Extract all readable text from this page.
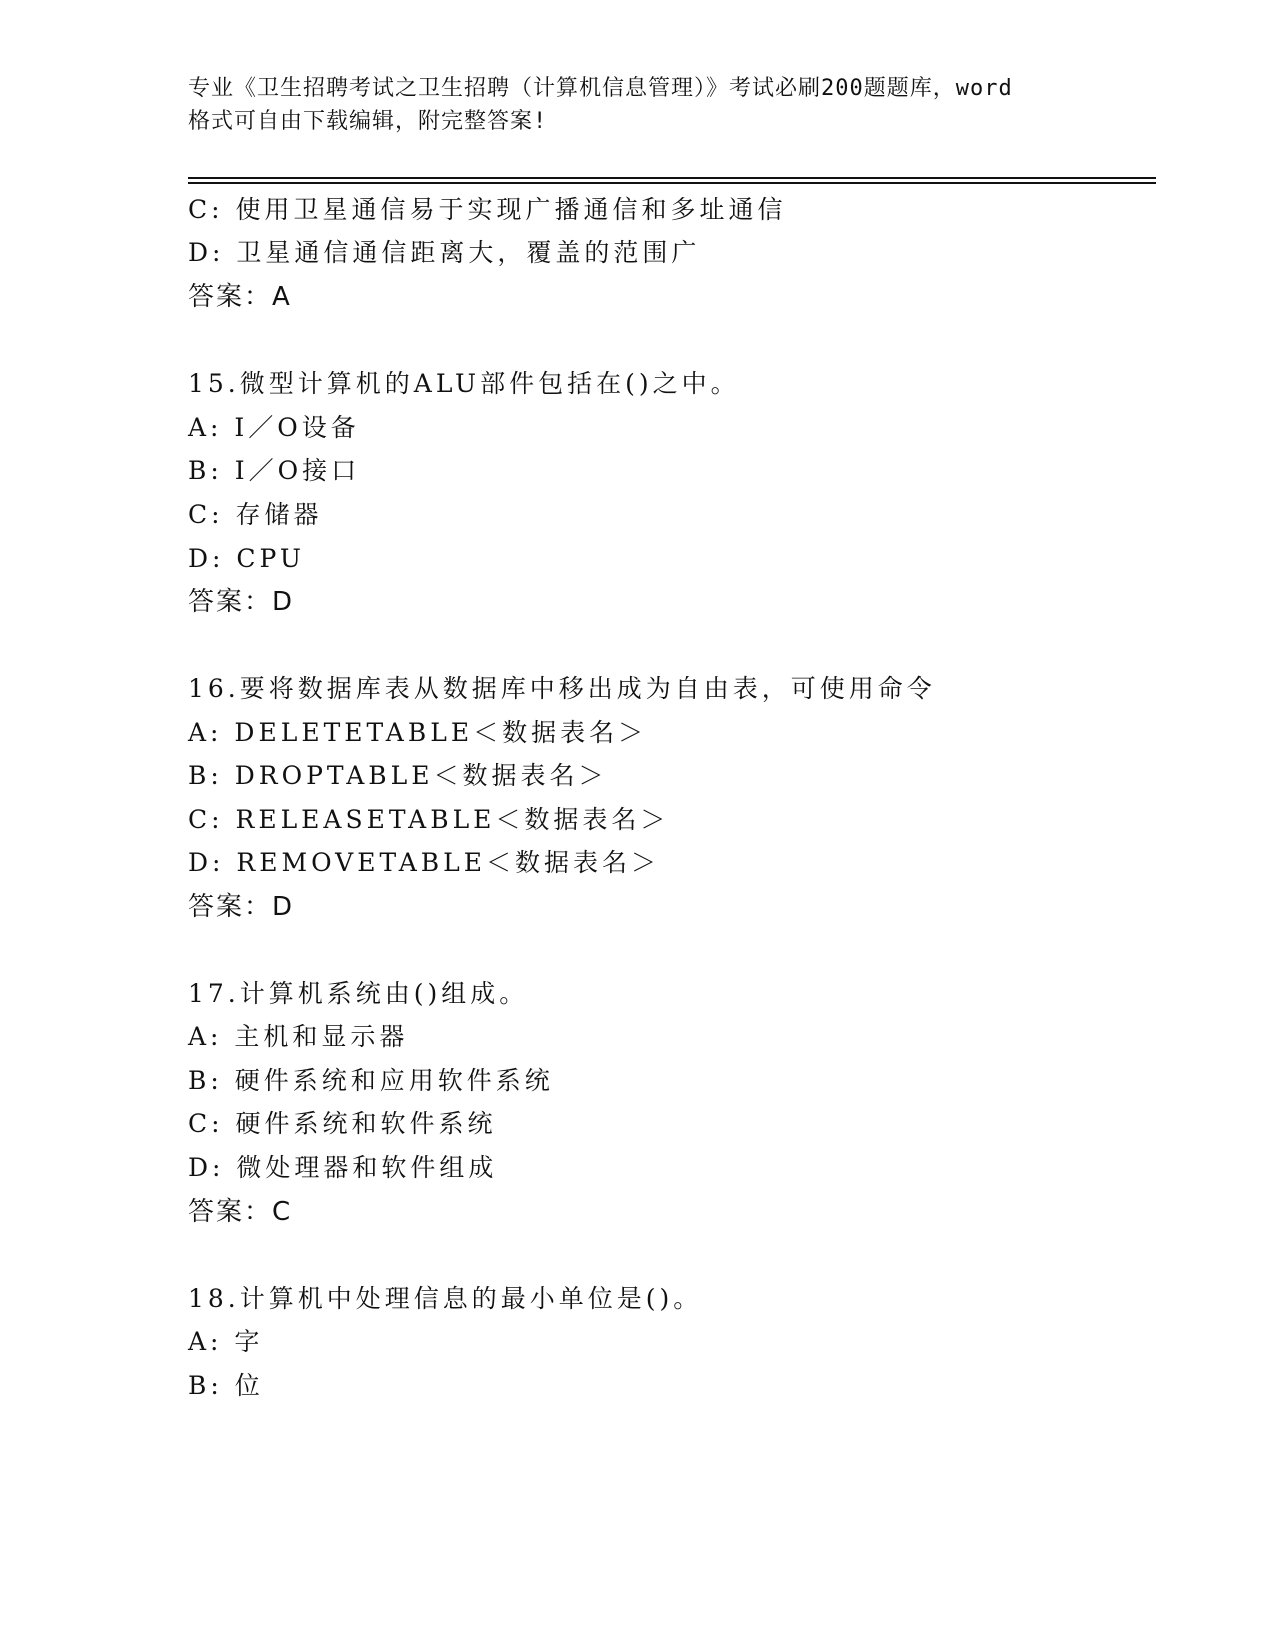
专业《卫生招聘考试之卫生招聘（计算机信息管理）》考试必刷200题题库，word
格式可自由下载编辑，附完整答案!
C: 使用卫星通信易于实现广播通信和多址通信
D: 卫星通信通信距离大，覆盖的范围广
答案：A
15.微型计算机的ALU部件包括在()之中。
A: I／O设备
B: I／O接口
C: 存储器
D: CPU
答案：D
16.要将数据库表从数据库中移出成为自由表，可使用命令
A: DELETETABLE＜数据表名＞
B: DROPTABLE＜数据表名＞
C: RELEASETABLE＜数据表名＞
D: REMOVETABLE＜数据表名＞
答案：D
17.计算机系统由()组成。
A: 主机和显示器
B: 硬件系统和应用软件系统
C: 硬件系统和软件系统
D: 微处理器和软件组成
答案：C
18.计算机中处理信息的最小单位是()。
A: 字
B: 位
